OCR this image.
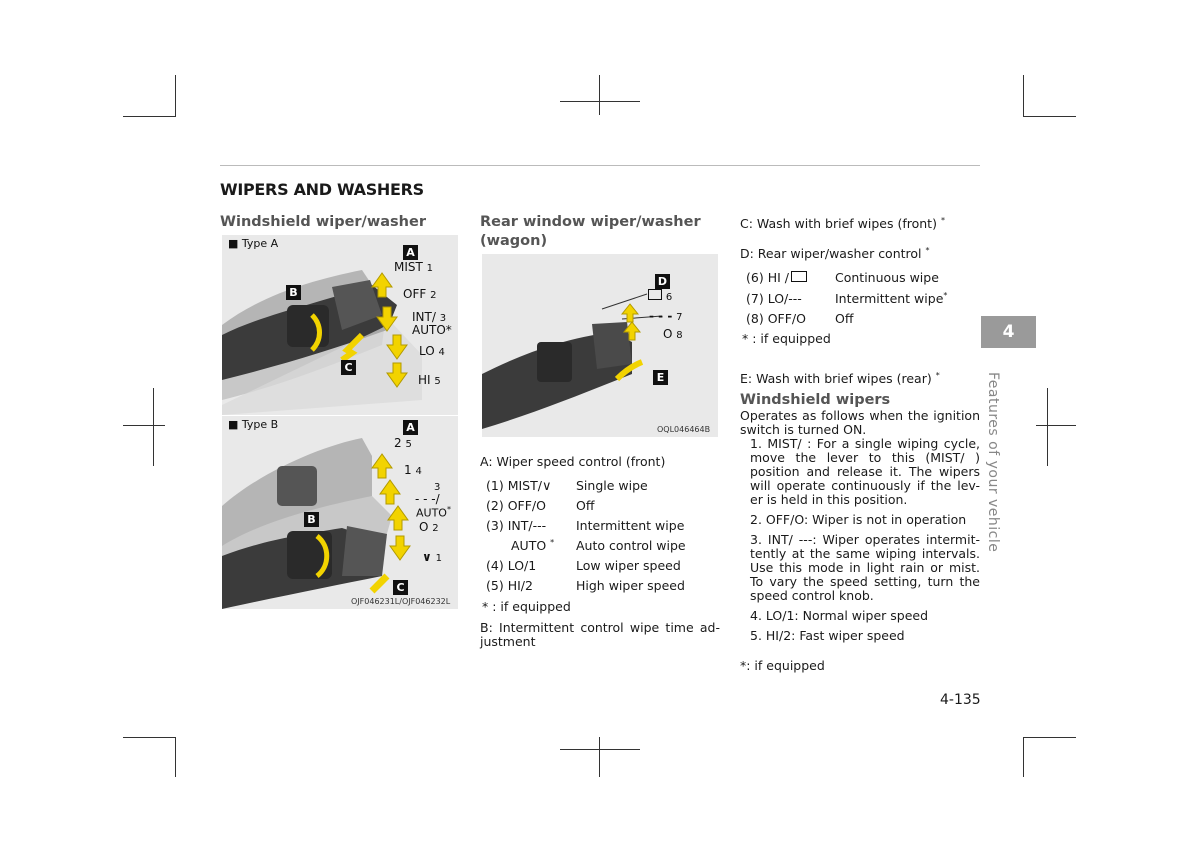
WIPERS AND WASHERS
Windshield wiper/washer
■ Type A
A
B
C
MIST 1
OFF 2
INT/ 3
AUTO*
LO 4
HI 5
■ Type B	A
B
C
2 5
1 4
3
- - -/
AUTO*
O 2
∨ 1
OJF046231L/OJF046232L
Rear window wiper/washer
(wagon)
D
E
6
- - - 7
O 8
OQL046464B
A: Wiper speed control (front)
(1) MIST/∨ Single wipe
(2) OFF/O Off
(3) INT/--- Intermittent wipe
AUTO * Auto control wipe
(4) LO/1	Low wiper speed
(5) HI/2	High wiper speed
* : if equipped
B: Intermittent control wipe time ad-justment
C: Wash with brief wipes (front) *
D: Rear wiper/washer control *
(6) HI /	Continuous wipe
(7) LO/---	Intermittent wipe*
(8) OFF/O Off
* : if equipped
E: Wash with brief wipes (rear) *
Windshield wipers
Operates as follows when the ignition switch is turned ON.

1. MIST/ : For a single wiping cycle, move the lever to this (MIST/ ) position and release it. The wipers will operate continuously if the lev-er is held in this position.

2. OFF/O: Wiper is not in operation

3. INT/ ---: Wiper operates intermit-tently at the same wiping intervals. Use this mode in light rain or mist. To vary the speed setting, turn the speed control knob.

4. LO/1: Normal wiper speed

5. HI/2: Fast wiper speed

*: if equipped
4
Features of your vehicle
4-135
